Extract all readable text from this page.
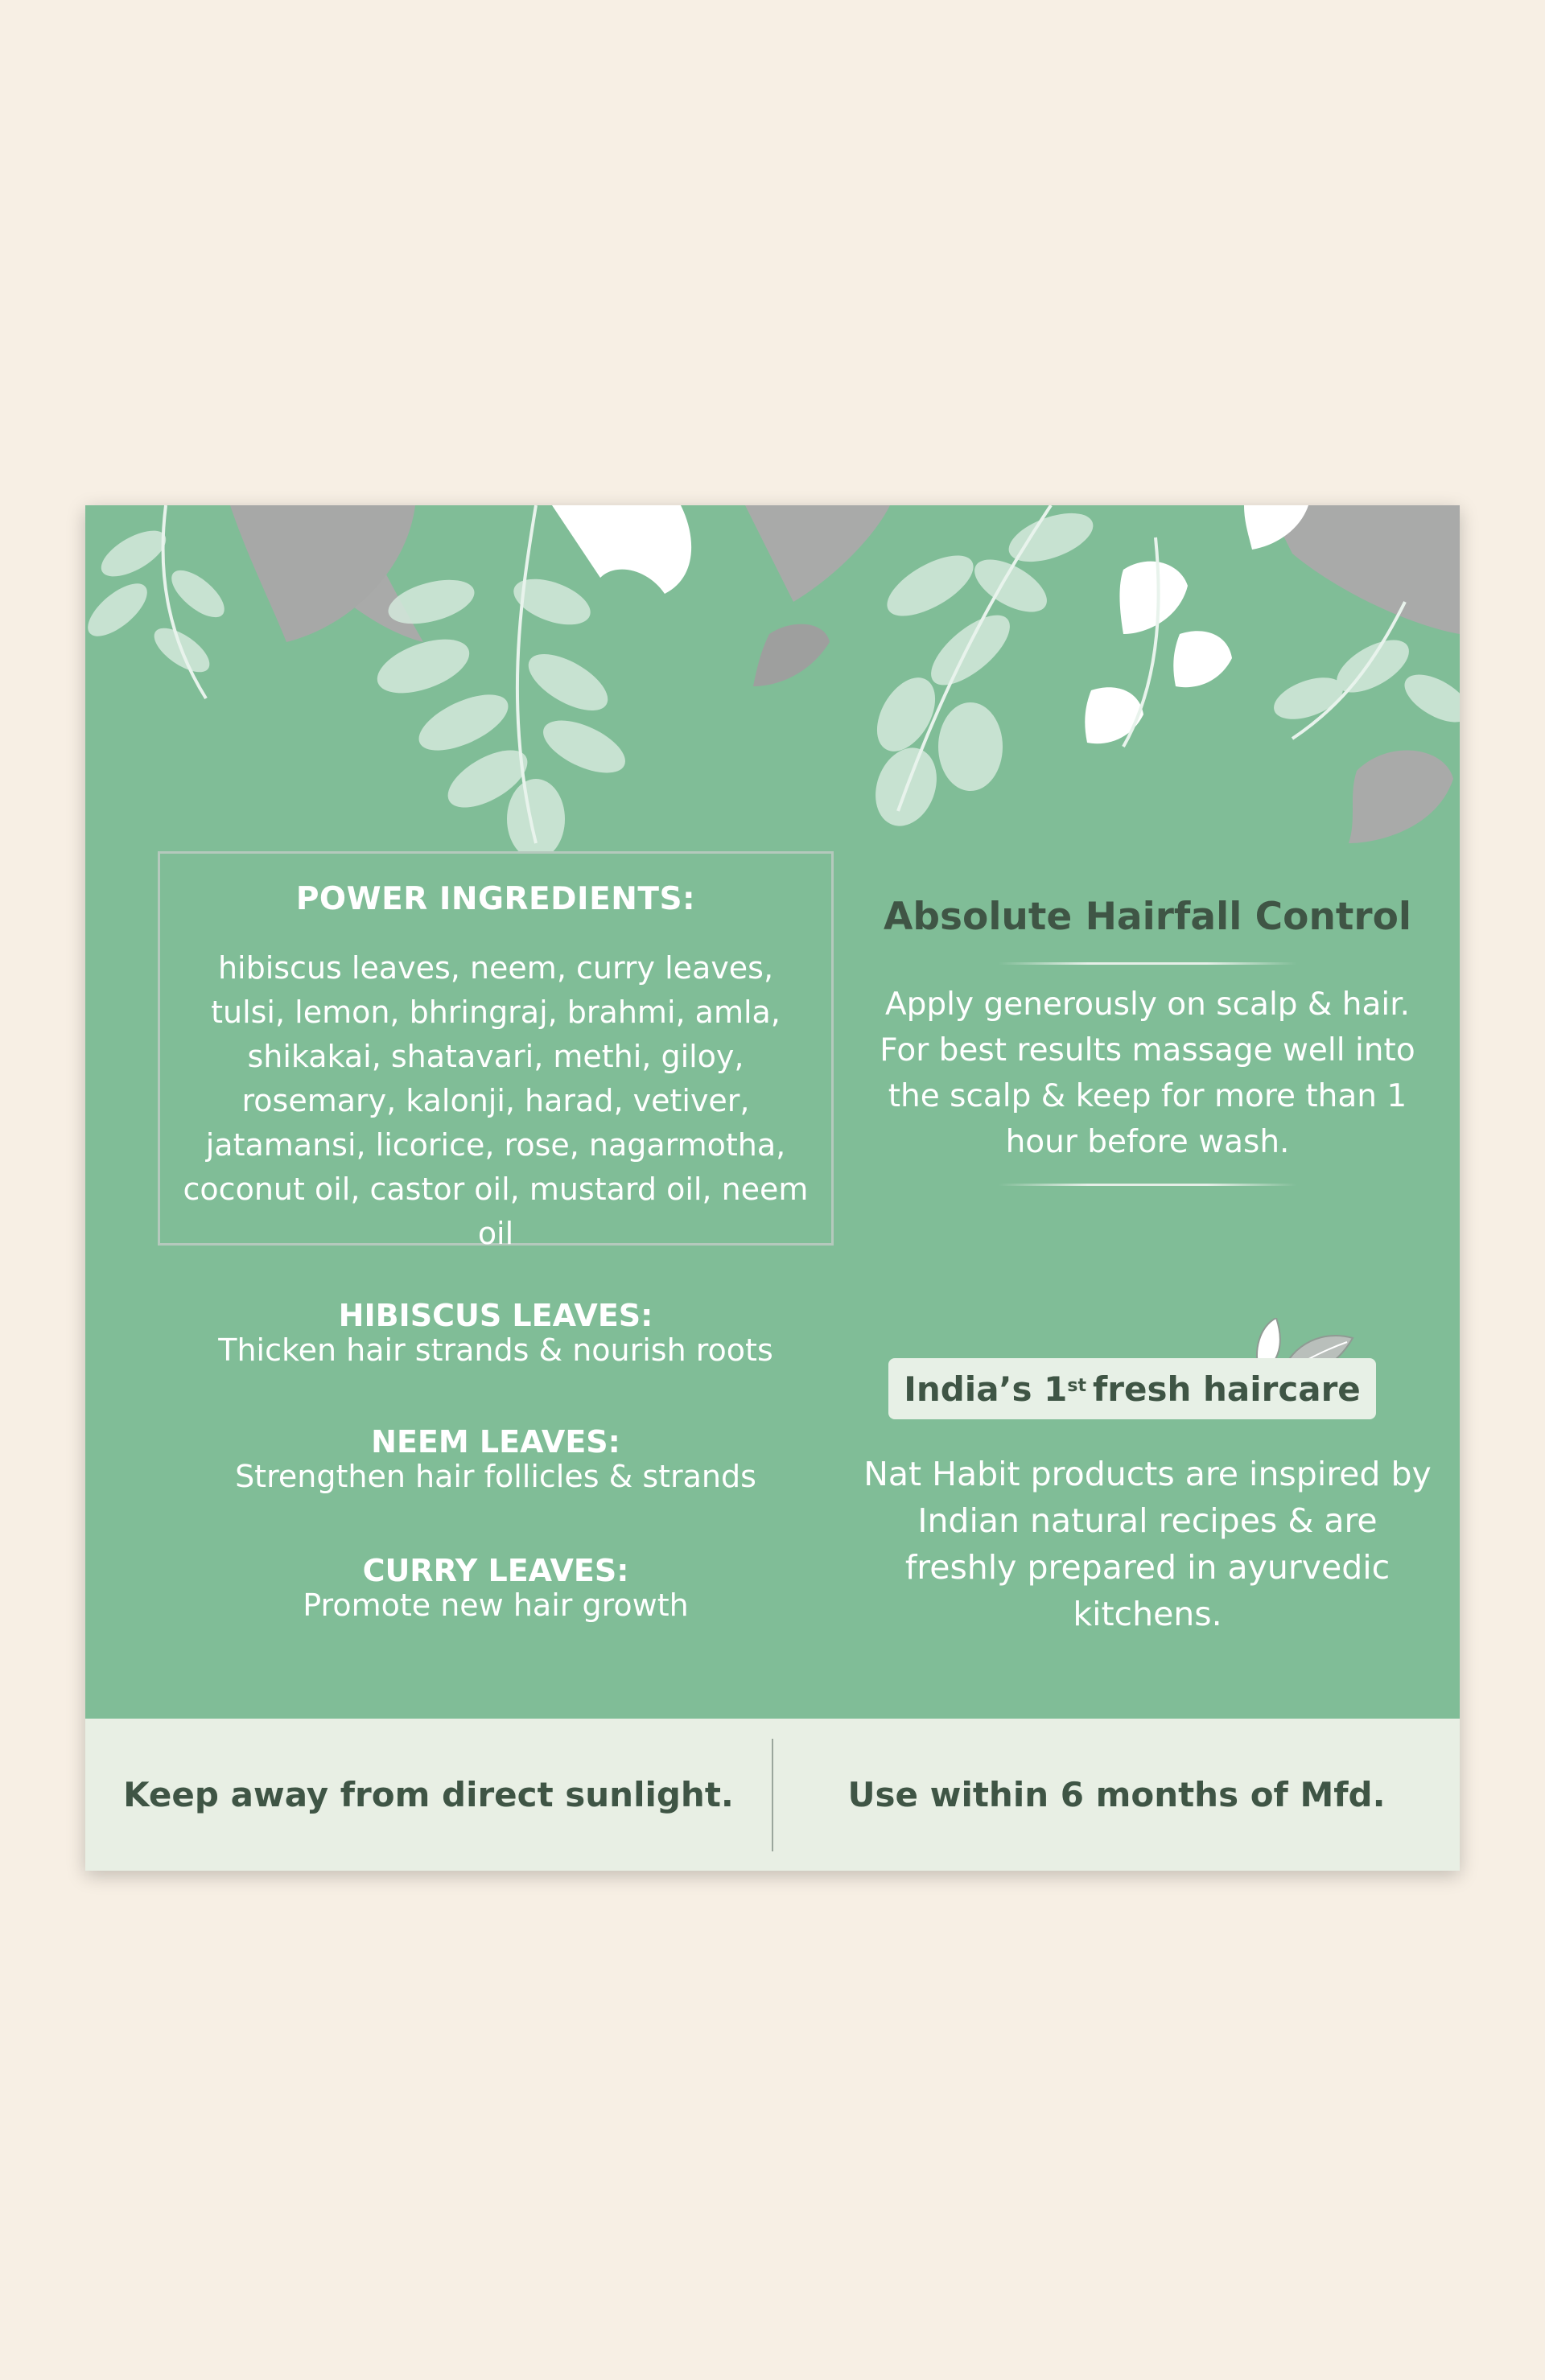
POWER INGREDIENTS:
hibiscus leaves, neem, curry leaves, tulsi, lemon, bhringraj, brahmi, amla, shikakai, shatavari, methi, giloy, rosemary, kalonji, harad, vetiver, jatamansi, licorice, rose, nagarmotha, coconut oil, castor oil, mustard oil, neem oil
Absolute Hairfall Control
Apply generously on scalp & hair. For best results massage well into the scalp & keep for more than 1 hour before wash.
HIBISCUS LEAVES:
Thicken hair strands & nourish roots
NEEM LEAVES:
Strengthen hair follicles & strands
CURRY LEAVES:
Promote new hair growth
India’s 1st fresh haircare
Nat Habit products are inspired by Indian natural recipes & are freshly prepared in ayurvedic kitchens.
Keep away from direct sunlight.	Use within 6 months of Mfd.
